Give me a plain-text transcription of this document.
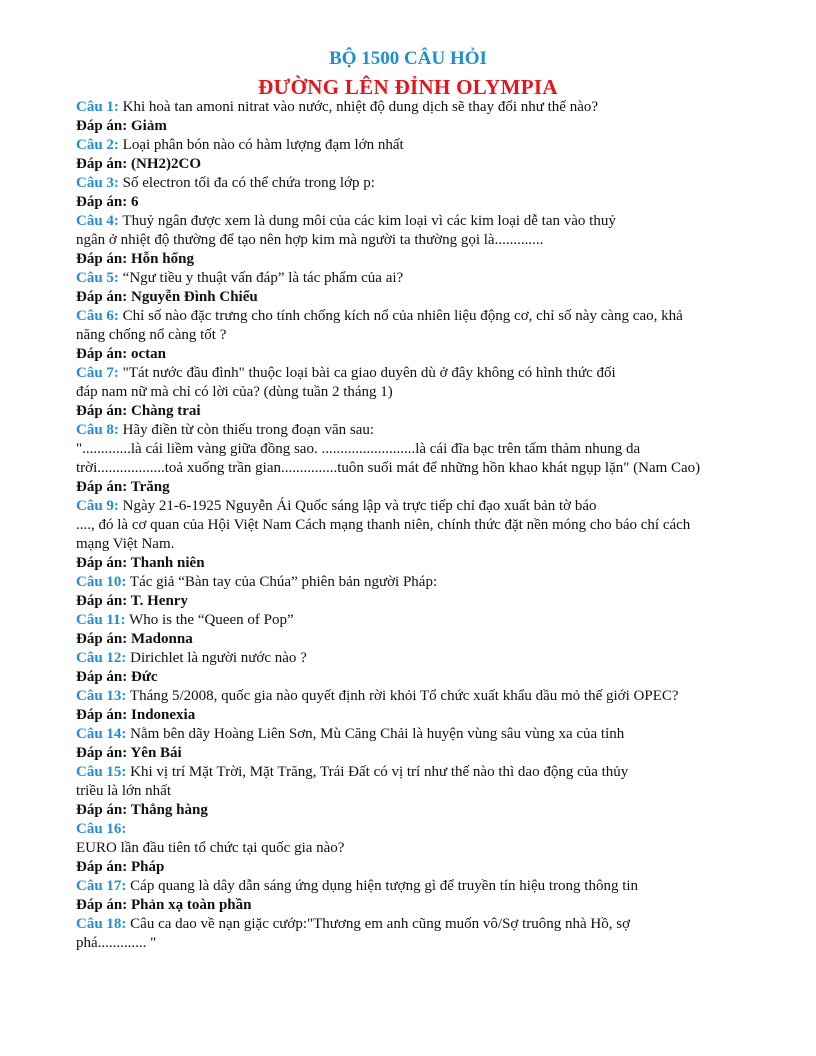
BỘ 1500 CÂU HỎI
ĐƯỜNG LÊN ĐỈNH OLYMPIA
Câu 1: Khi hoà tan amoni nitrat vào nước, nhiệt độ dung dịch sẽ thay đổi như thế nào?
Đáp án: Giảm
Câu 2: Loại phân bón nào có hàm lượng đạm lớn nhất
Đáp án: (NH2)2CO
Câu 3: Số electron tối đa có thể chứa trong lớp p:
Đáp án: 6
Câu 4: Thuỷ ngân được xem là dung môi của các kim loại vì các kim loại dễ tan vào thuỷ
ngân ở nhiệt độ thường để tạo nên hợp kim mà người ta thường gọi là.............
Đáp án: Hỗn hống
Câu 5: “Ngư tiều y thuật vấn đáp” là tác phẩm của ai?
Đáp án: Nguyễn Đình Chiểu
Câu 6: Chỉ số nào đặc trưng cho tính chống kích nổ của nhiên liệu động cơ, chỉ số này càng cao, khả
năng chống nổ càng tốt ?
Đáp án: octan
Câu 7: "Tát nước đầu đình" thuộc loại bài ca giao duyên dù ở đây không có hình thức đối
đáp nam nữ mà chỉ có lời của? (dùng tuần 2 tháng 1)
Đáp án: Chàng trai
Câu 8: Hãy điền từ còn thiếu trong đoạn văn sau:
".............là cái liềm vàng giữa đồng sao. .........................là cái đĩa bạc trên tấm thảm nhung da
trời..................toả xuống trần gian...............tuôn suối mát để những hồn khao khát ngụp lặn" (Nam Cao)
Đáp án: Trăng
Câu 9: Ngày 21-6-1925 Nguyễn Ái Quốc sáng lập và trực tiếp chỉ đạo xuất bản tờ báo
...., đó là cơ quan của Hội Việt Nam Cách mạng thanh niên, chính thức đặt nền móng cho báo chí cách
mạng Việt Nam.
Đáp án: Thanh niên
Câu 10: Tác giả “Bàn tay của Chúa” phiên bản người Pháp:
Đáp án: T. Henry
Câu 11: Who is the “Queen of Pop”
Đáp án: Madonna
Câu 12: Dirichlet là người nước nào ?
Đáp án: Đức
Câu 13: Tháng 5/2008, quốc gia nào quyết định rời khỏi Tổ chức xuất khẩu dầu mỏ thế giới OPEC?
Đáp án: Indonexia
Câu 14: Nằm bên dãy Hoàng Liên Sơn, Mù Căng Chải là huyện vùng sâu vùng xa của tỉnh
Đáp án: Yên Bái
Câu 15: Khi vị trí Mặt Trời, Mặt Trăng, Trái Đất có vị trí như thế nào thì dao động của thủy
triều là lớn nhất
Đáp án: Thẳng hàng
Câu 16:
EURO lần đầu tiên tổ chức tại quốc gia nào?
Đáp án: Pháp
Câu 17: Cáp quang là dây dẫn sáng ứng dụng hiện tượng gì để truyền tín hiệu trong thông tin
Đáp án: Phản xạ toàn phần
Câu 18: Câu ca dao về nạn giặc cướp:"Thương em anh cũng muốn vô/Sợ truông nhà Hồ, sợ
phá............. "
